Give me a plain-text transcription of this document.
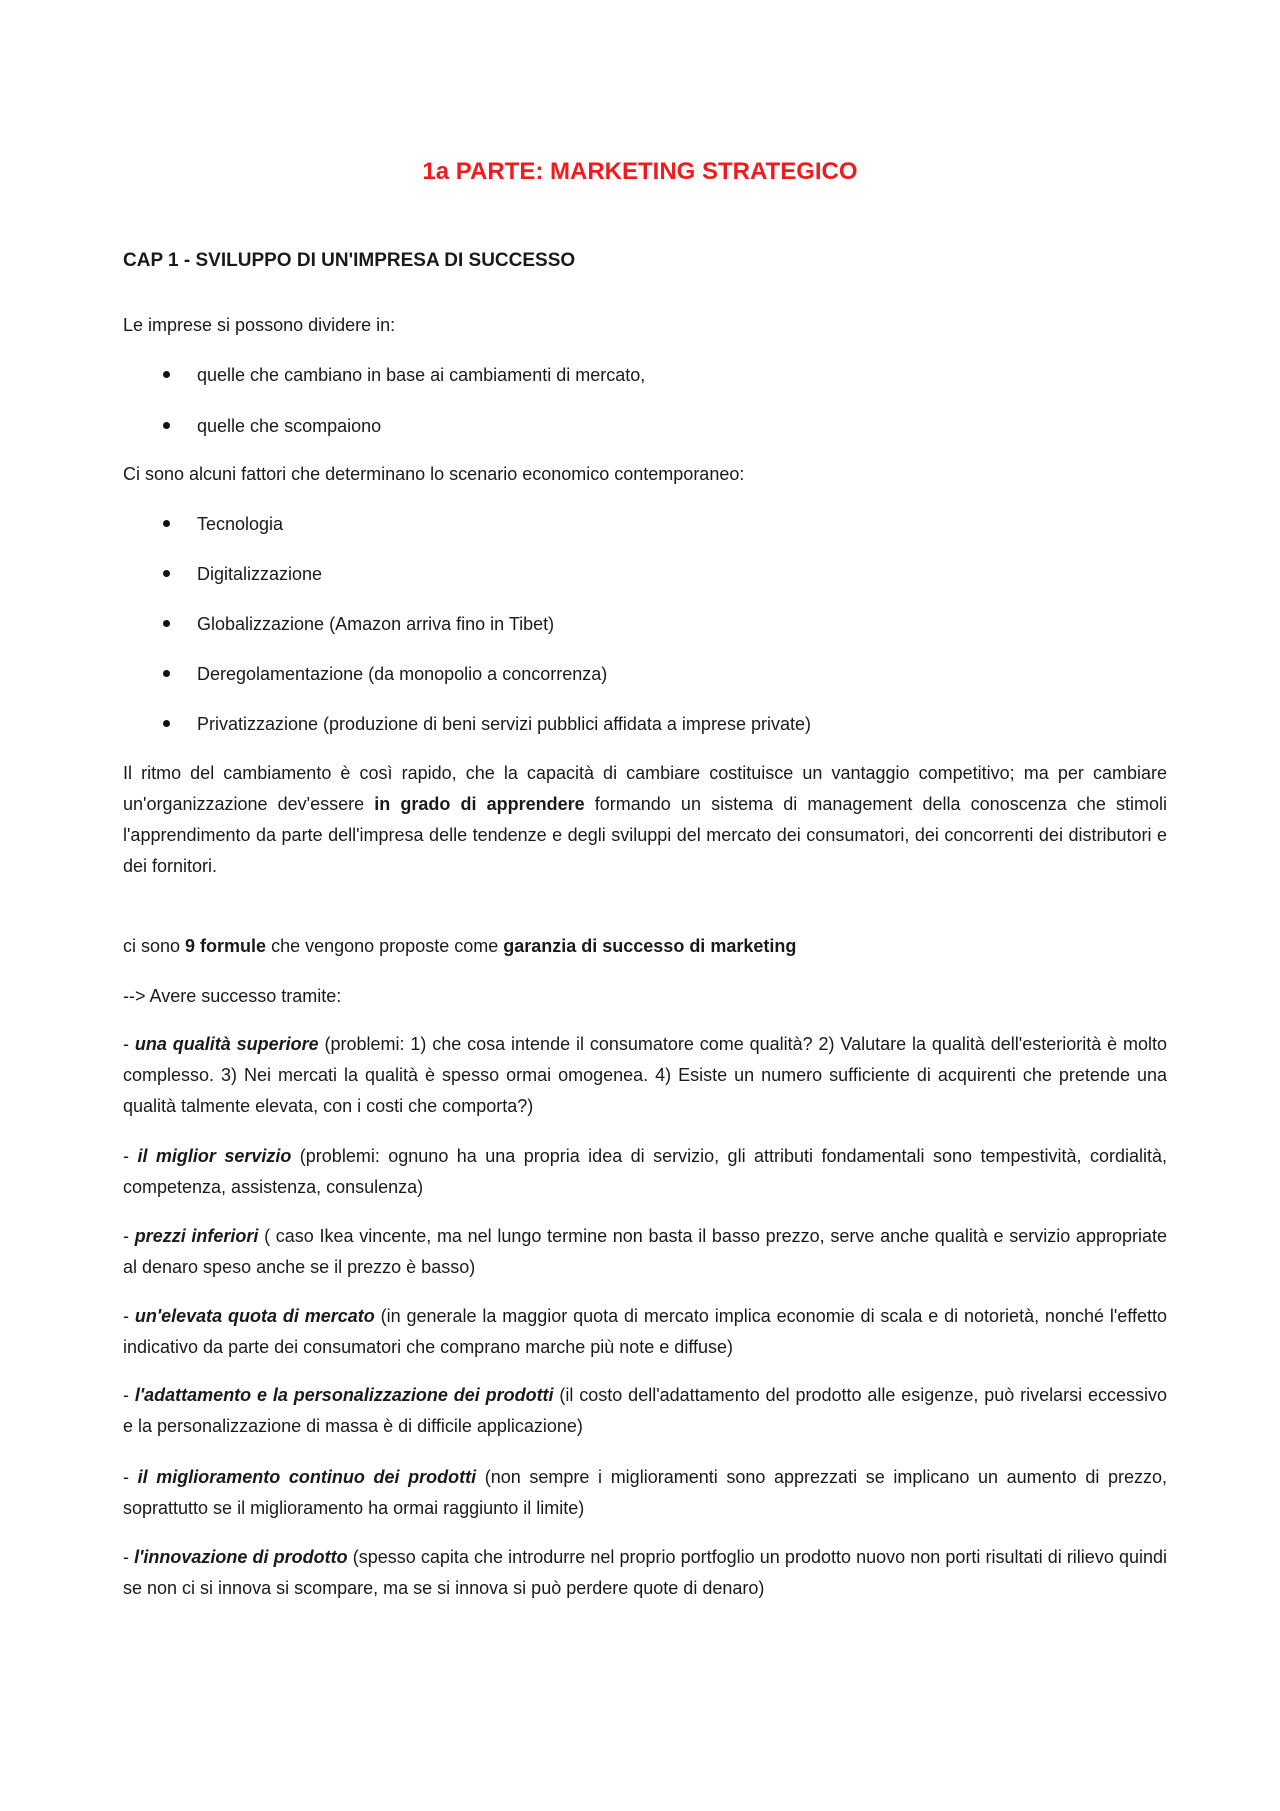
1a PARTE: MARKETING STRATEGICO
CAP 1 - SVILUPPO DI UN'IMPRESA DI SUCCESSO
Le imprese si possono dividere in:
quelle che cambiano in base ai cambiamenti di mercato,
quelle che scompaiono
Ci sono alcuni fattori che determinano lo scenario economico contemporaneo:
Tecnologia
Digitalizzazione
Globalizzazione (Amazon arriva fino in Tibet)
Deregolamentazione (da monopolio a concorrenza)
Privatizzazione (produzione di beni servizi pubblici affidata a imprese private)
Il ritmo del cambiamento è così rapido, che la capacità di cambiare costituisce un vantaggio competitivo; ma per cambiare un'organizzazione dev'essere in grado di apprendere formando un sistema di management della conoscenza che stimoli l'apprendimento da parte dell'impresa delle tendenze e degli sviluppi del mercato dei consumatori, dei concorrenti dei distributori e dei fornitori.
ci sono 9 formule che vengono proposte come garanzia di successo di marketing
--> Avere successo tramite:
- una qualità superiore (problemi: 1) che cosa intende il consumatore come qualità? 2) Valutare la qualità dell'esteriorità è molto complesso. 3) Nei mercati la qualità è spesso ormai omogenea. 4) Esiste un numero sufficiente di acquirenti che pretende una qualità talmente elevata, con i costi che comporta?)
- il miglior servizio (problemi: ognuno ha una propria idea di servizio, gli attributi fondamentali sono tempestività, cordialità, competenza, assistenza, consulenza)
- prezzi inferiori ( caso Ikea vincente, ma nel lungo termine non basta il basso prezzo, serve anche qualità e servizio appropriate al denaro speso anche se il prezzo è basso)
- un'elevata quota di mercato (in generale la maggior quota di mercato implica economie di scala e di notorietà, nonché l'effetto indicativo da parte dei consumatori che comprano marche più note e diffuse)
- l'adattamento e la personalizzazione dei prodotti (il costo dell'adattamento del prodotto alle esigenze, può rivelarsi eccessivo e la personalizzazione di massa è di difficile applicazione)
- il miglioramento continuo dei prodotti (non sempre i miglioramenti sono apprezzati se implicano un aumento di prezzo, soprattutto se il miglioramento ha ormai raggiunto il limite)
- l'innovazione di prodotto (spesso capita che introdurre nel proprio portfoglio un prodotto nuovo non porti risultati di rilievo quindi se non ci si innova si scompare, ma se si innova si può perdere quote di denaro)
